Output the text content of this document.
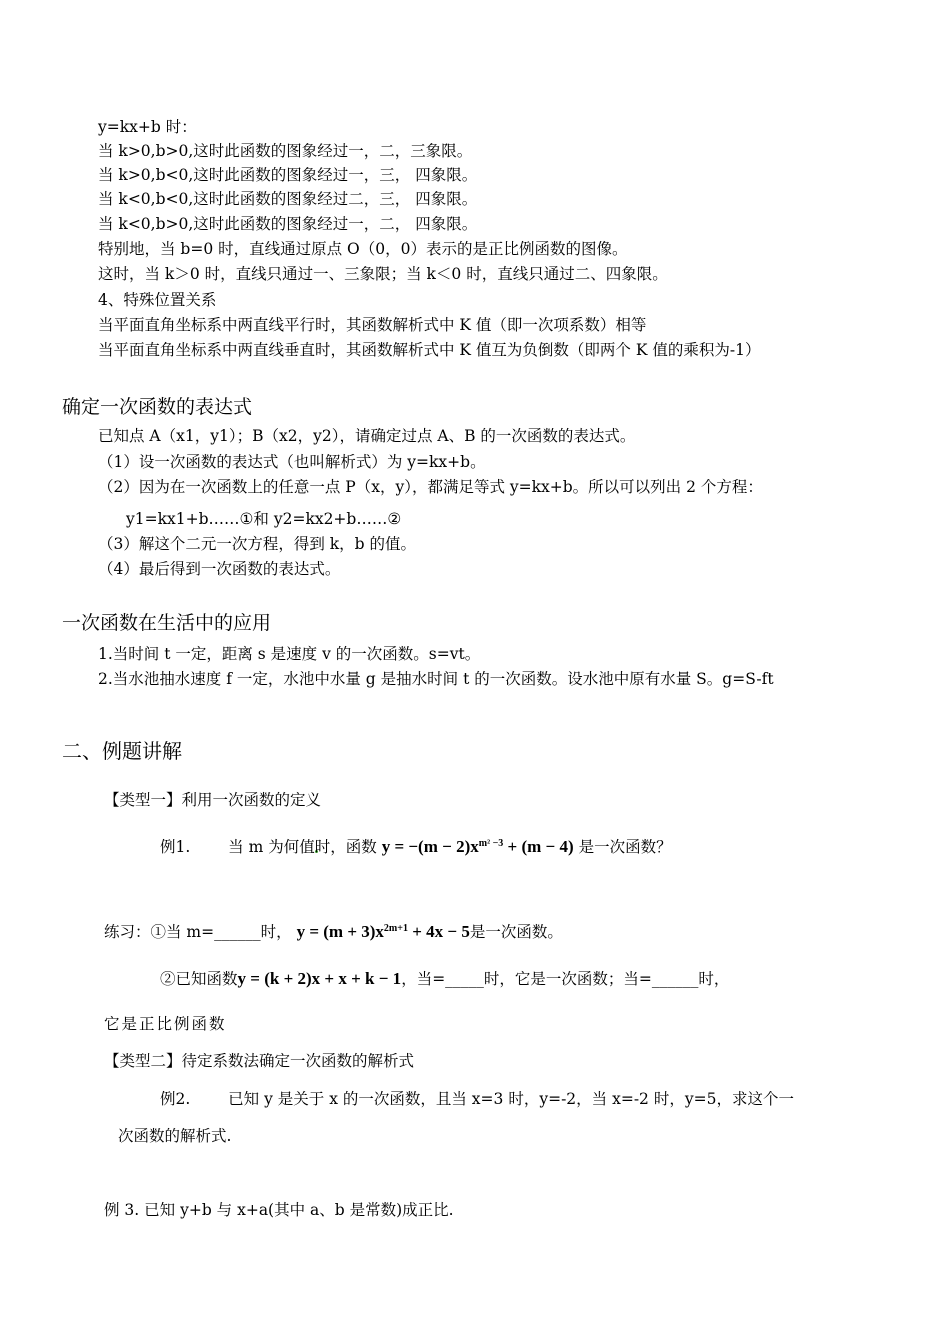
y=kx+b 时：
当 k>0,b>0,这时此函数的图象经过一，二，三象限。
当 k>0,b<0,这时此函数的图象经过一，三， 四象限。
当 k<0,b<0,这时此函数的图象经过二，三， 四象限。
当 k<0,b>0,这时此函数的图象经过一，二， 四象限。
特别地，当 b=0 时，直线通过原点 O（0，0）表示的是正比例函数的图像。
这时，当 k＞0 时，直线只通过一、三象限；当 k＜0 时，直线只通过二、四象限。
4、特殊位置关系
当平面直角坐标系中两直线平行时，其函数解析式中 K 值（即一次项系数）相等
当平面直角坐标系中两直线垂直时，其函数解析式中 K 值互为负倒数（即两个 K 值的乘积为-1）
确定一次函数的表达式
已知点 A（x1，y1）；B（x2，y2），请确定过点 A、B 的一次函数的表达式。
（1）设一次函数的表达式（也叫解析式）为 y=kx+b。
（2）因为在一次函数上的任意一点 P（x，y），都满足等式 y=kx+b。所以可以列出 2 个方程：
y1=kx1+b……①和 y2=kx2+b……②
（3）解这个二元一次方程，得到 k，b 的值。
（4）最后得到一次函数的表达式。
一次函数在生活中的应用
1.当时间 t 一定，距离 s 是速度 v 的一次函数。s=vt。
2.当水池抽水速度 f 一定，水池中水量 g 是抽水时间 t 的一次函数。设水池中原有水量 S。g=S-ft
二、例题讲解
【类型一】利用一次函数的定义
例1. 当 m 为何值时，函数 $y = -(m - 2)x^{m^2 -3} + (m - 4)$ 是一次函数？
练习：①当 m=______时， $y = (m + 3)x^{2m+1} + 4x - 5$是一次函数。
②已知函数y = (k + 2)x + x + k − 1，当=_____时，它是一次函数；当=______时，
它是正比例函数
【类型二】待定系数法确定一次函数的解析式
例2. 已知 y 是关于 x 的一次函数，且当 x=3 时，y=-2，当 x=-2 时，y=5，求这个一
次函数的解析式.
例 3. 已知 y+b 与 x+a(其中 a、b 是常数)成正比.
